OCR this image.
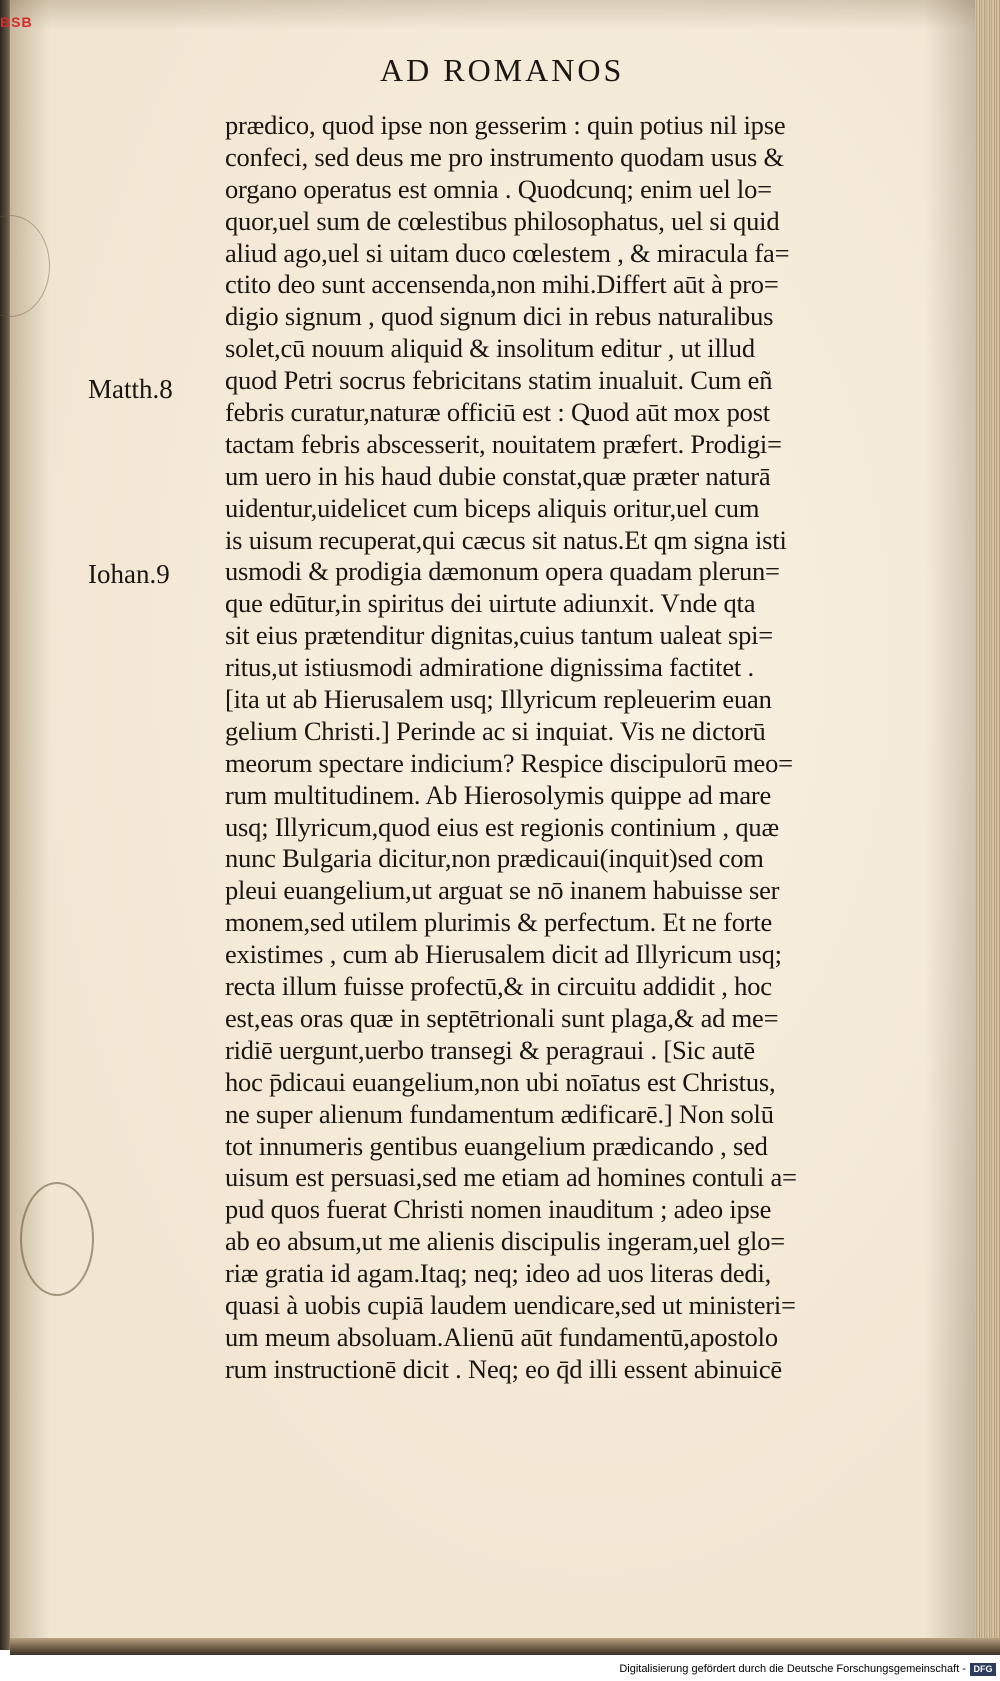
BSB
AD ROMANOS
Matth.8
Iohan.9
prædico, quod ipse non gesserim : quin potius nil ipse
confeci, sed deus me pro instrumento quodam usus &
organo operatus est omnia . Quodcunq; enim uel lo=
quor,uel sum de cœlestibus philosophatus, uel si quid
aliud ago,uel si uitam duco cœlestem , & miracula fa=
ctito deo sunt accensenda,non mihi.Differt aūt à pro=
digio signum , quod signum dici in rebus naturalibus
solet,cū nouum aliquid & insolitum editur , ut illud
quod Petri socrus febricitans statim inualuit. Cum eñ
febris curatur,naturæ officiū est : Quod aūt mox post
tactam febris abscesserit, nouitatem præfert. Prodigi=
um uero in his haud dubie constat,quæ præter naturā
uidentur,uidelicet cum biceps aliquis oritur,uel cum
is uisum recuperat,qui cæcus sit natus.Et qm signa isti
usmodi & prodigia dæmonum opera quadam plerun=
que edūtur,in spiritus dei uirtute adiunxit. Vnde qta
sit eius prætenditur dignitas,cuius tantum ualeat spi=
ritus,ut istiusmodi admiratione dignissima factitet .
[ita ut ab Hierusalem usq; Illyricum repleuerim euan
gelium Christi.] Perinde ac si inquiat. Vis ne dictorū
meorum spectare indicium? Respice discipulorū meo=
rum multitudinem. Ab Hierosolymis quippe ad mare
usq; Illyricum,quod eius est regionis continium , quæ
nunc Bulgaria dicitur,non prædicaui(inquit)sed com
pleui euangelium,ut arguat se nō inanem habuisse ser
monem,sed utilem plurimis & perfectum. Et ne forte
existimes , cum ab Hierusalem dicit ad Illyricum usq;
recta illum fuisse profectū,& in circuitu addidit , hoc
est,eas oras quæ in septētrionali sunt plaga,& ad me=
ridiē uergunt,uerbo transegi & peragraui . [Sic autē
hoc p̄dicaui euangelium,non ubi noīatus est Christus,
ne super alienum fundamentum ædificarē.] Non solū
tot innumeris gentibus euangelium prædicando , sed
uisum est persuasi,sed me etiam ad homines contuli a=
pud quos fuerat Christi nomen inauditum ; adeo ipse
ab eo absum,ut me alienis discipulis ingeram,uel glo=
riæ gratia id agam.Itaq; neq; ideo ad uos literas dedi,
quasi à uobis cupiā laudem uendicare,sed ut ministeri=
um meum absoluam.Alienū aūt fundamentū,apostolo
rum instructionē dicit . Neq; eo q̄d illi essent abinuicē
Digitalisierung gefördert durch die Deutsche Forschungsgemeinschaft - DFG
